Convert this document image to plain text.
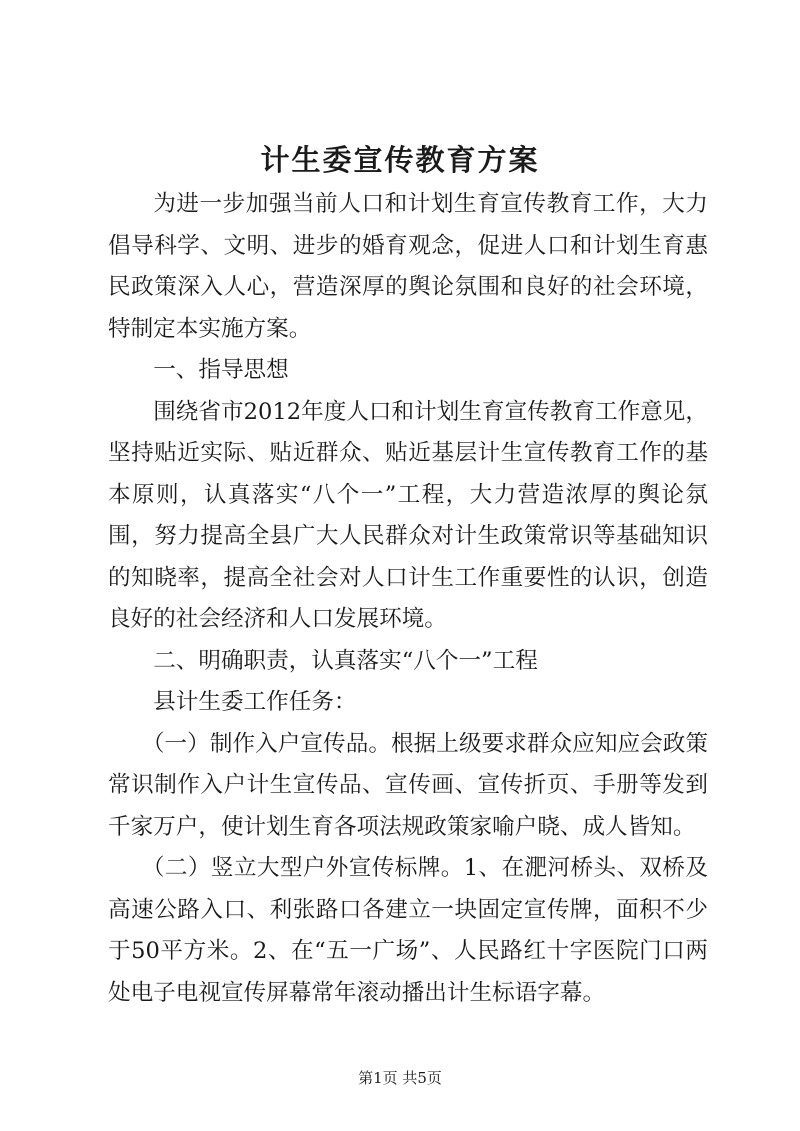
计生委宣传教育方案

为进一步加强当前人口和计划生育宣传教育工作，大力倡导科学、文明、进步的婚育观念，促进人口和计划生育惠民政策深入人心，营造深厚的舆论氛围和良好的社会环境，特制定本实施方案。

一、指导思想

围绕省市2012年度人口和计划生育宣传教育工作意见，坚持贴近实际、贴近群众、贴近基层计生宣传教育工作的基本原则，认真落实“八个一”工程，大力营造浓厚的舆论氛围，努力提高全县广大人民群众对计生政策常识等基础知识的知晓率，提高全社会对人口计生工作重要性的认识，创造良好的社会经济和人口发展环境。

二、明确职责，认真落实“八个一”工程

县计生委工作任务：

（一）制作入户宣传品。根据上级要求群众应知应会政策常识制作入户计生宣传品、宣传画、宣传折页、手册等发到千家万户，使计划生育各项法规政策家喻户晓、成人皆知。

（二）竖立大型户外宣传标牌。1、在淝河桥头、双桥及高速公路入口、利张路口各建立一块固定宣传牌，面积不少于50平方米。2、在“五一广场”、人民路红十字医院门口两处电子电视宣传屏幕常年滚动播出计生标语字幕。

第1页 共5页
